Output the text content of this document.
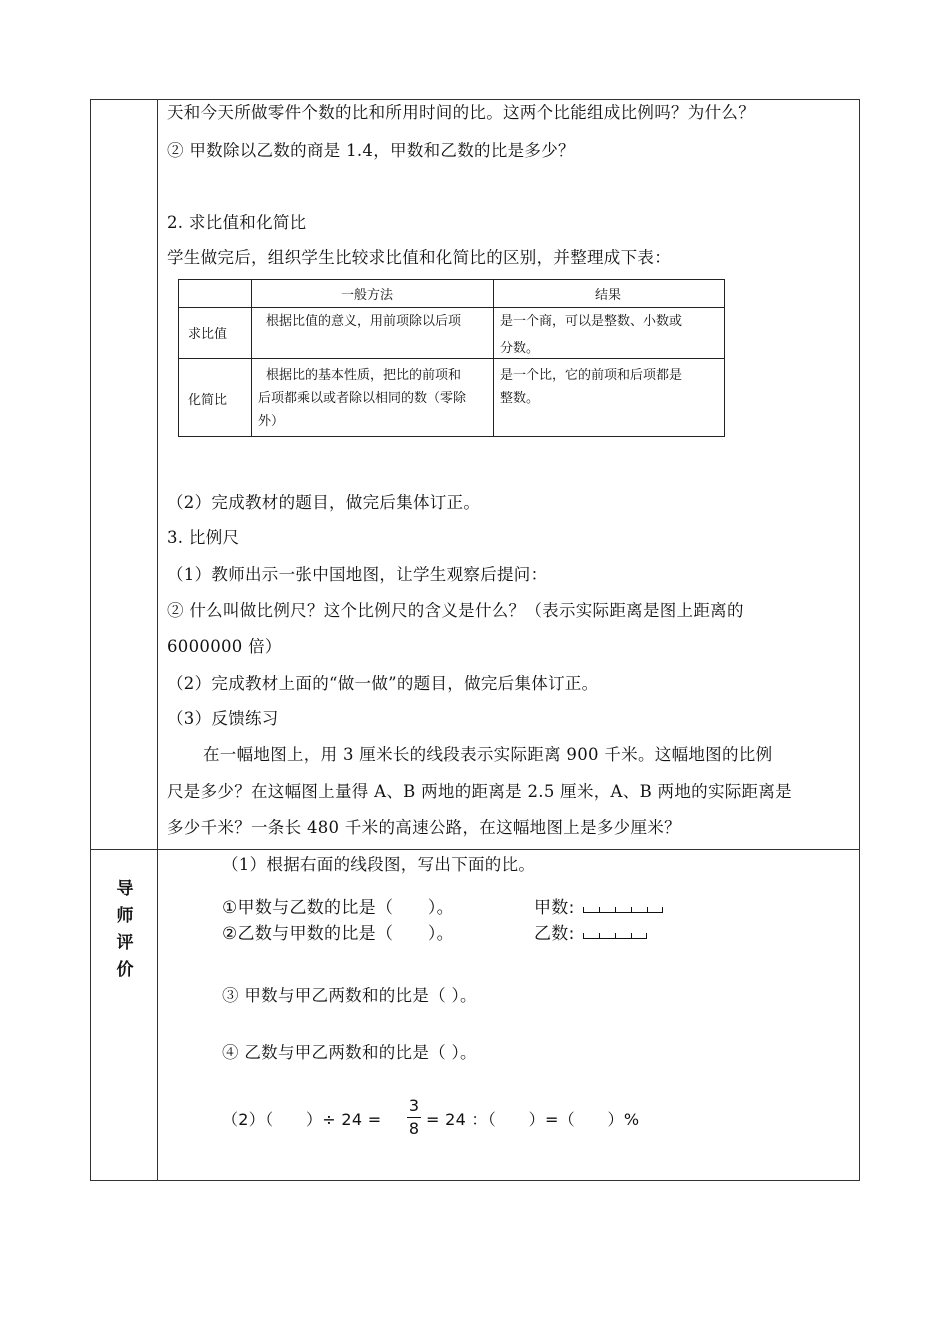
天和今天所做零件个数的比和所用时间的比。这两个比能组成比例吗？为什么？
② 甲数除以乙数的商是 1.4，甲数和乙数的比是多少？
2. 求比值和化简比
学生做完后，组织学生比较求比值和化简比的区别，并整理成下表：
一般方法	结果
求比值
根据比值的意义，用前项除以后项	是一个商，可以是整数、小数或
分数。
化简比
根据比的基本性质，把比的前项和
后项都乘以或者除以相同的数（零除
外）
是一个比，它的前项和后项都是
整数。
（2）完成教材的题目，做完后集体订正。
3. 比例尺
（1）教师出示一张中国地图，让学生观察后提问：
② 什么叫做比例尺？这个比例尺的含义是什么？（表示实际距离是图上距离的
6000000 倍）
（2）完成教材上面的“做一做”的题目，做完后集体订正。
（3）反馈练习
在一幅地图上，用 3 厘米长的线段表示实际距离 900 千米。这幅地图的比例
尺是多少？在这幅图上量得 A、B 两地的距离是 2.5 厘米，A、B 两地的实际距离是
多少千米？一条长 480 千米的高速公路，在这幅地图上是多少厘米？
导
师
评
价
（1）根据右面的线段图，写出下面的比。
①甲数与乙数的比是（　　）。
②乙数与甲数的比是（　　）。
甲数:
乙数:
③ 甲数与甲乙两数和的比是（ ）。
④ 乙数与甲乙两数和的比是（ ）。
（2）（　　）÷ 24 =
3
8 = 24 ：（　　）=（　　）%
